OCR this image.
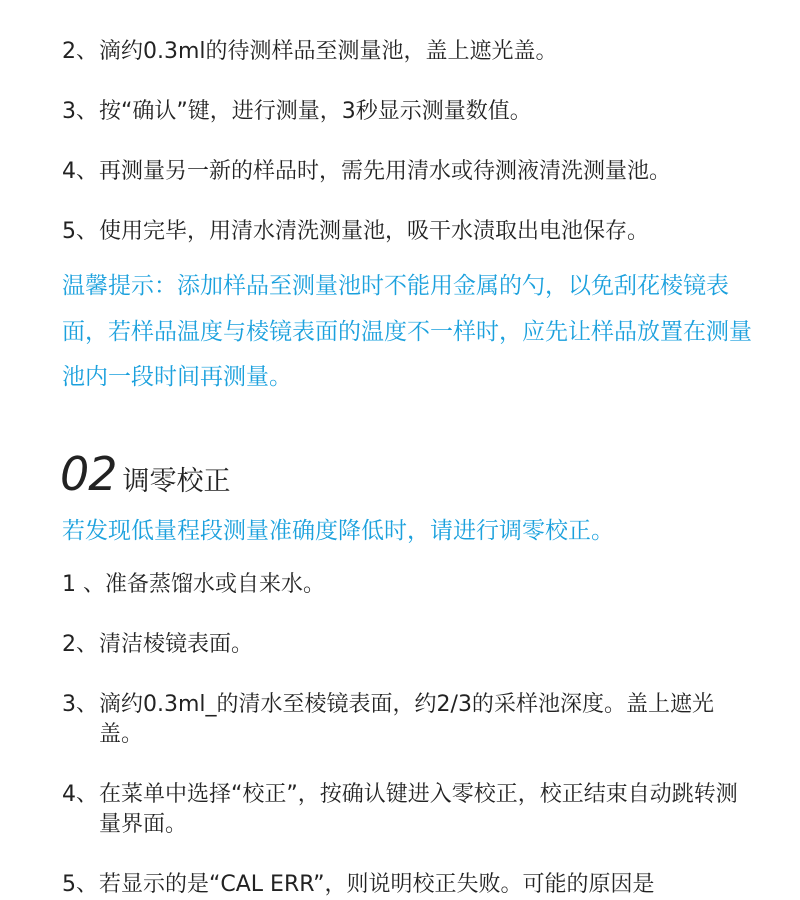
2、 滴约0.3ml的待测样品至测量池，盖上遮光盖。
3、 按“确认”键，进行测量，3秒显示测量数值。
4、 再测量另一新的样品时，需先用清水或待测液清洗测量池。
5、 使用完毕，用清水清洗测量池，吸干水渍取出电池保存。

温馨提示：添加样品至测量池时不能用金属的勺，以免刮花棱镜表面，若样品温度与棱镜表面的温度不一样时，应先让样品放置在测量池内一段时间再测量。

02 调零校正
若发现低量程段测量准确度降低时，请进行调零校正。
1 、 准备蒸馏水或自来水。
2、 清洁棱镜表面。
3、 滴约0.3ml_的清水至棱镜表面，约2/3的采样池深度。盖上遮光盖。
4、 在菜单中选择“校正”，按确认键进入零校正，校正结束自动跳转测量界面。
5、 若显示的是“CAL ERR”，则说明校正失败。可能的原因是
